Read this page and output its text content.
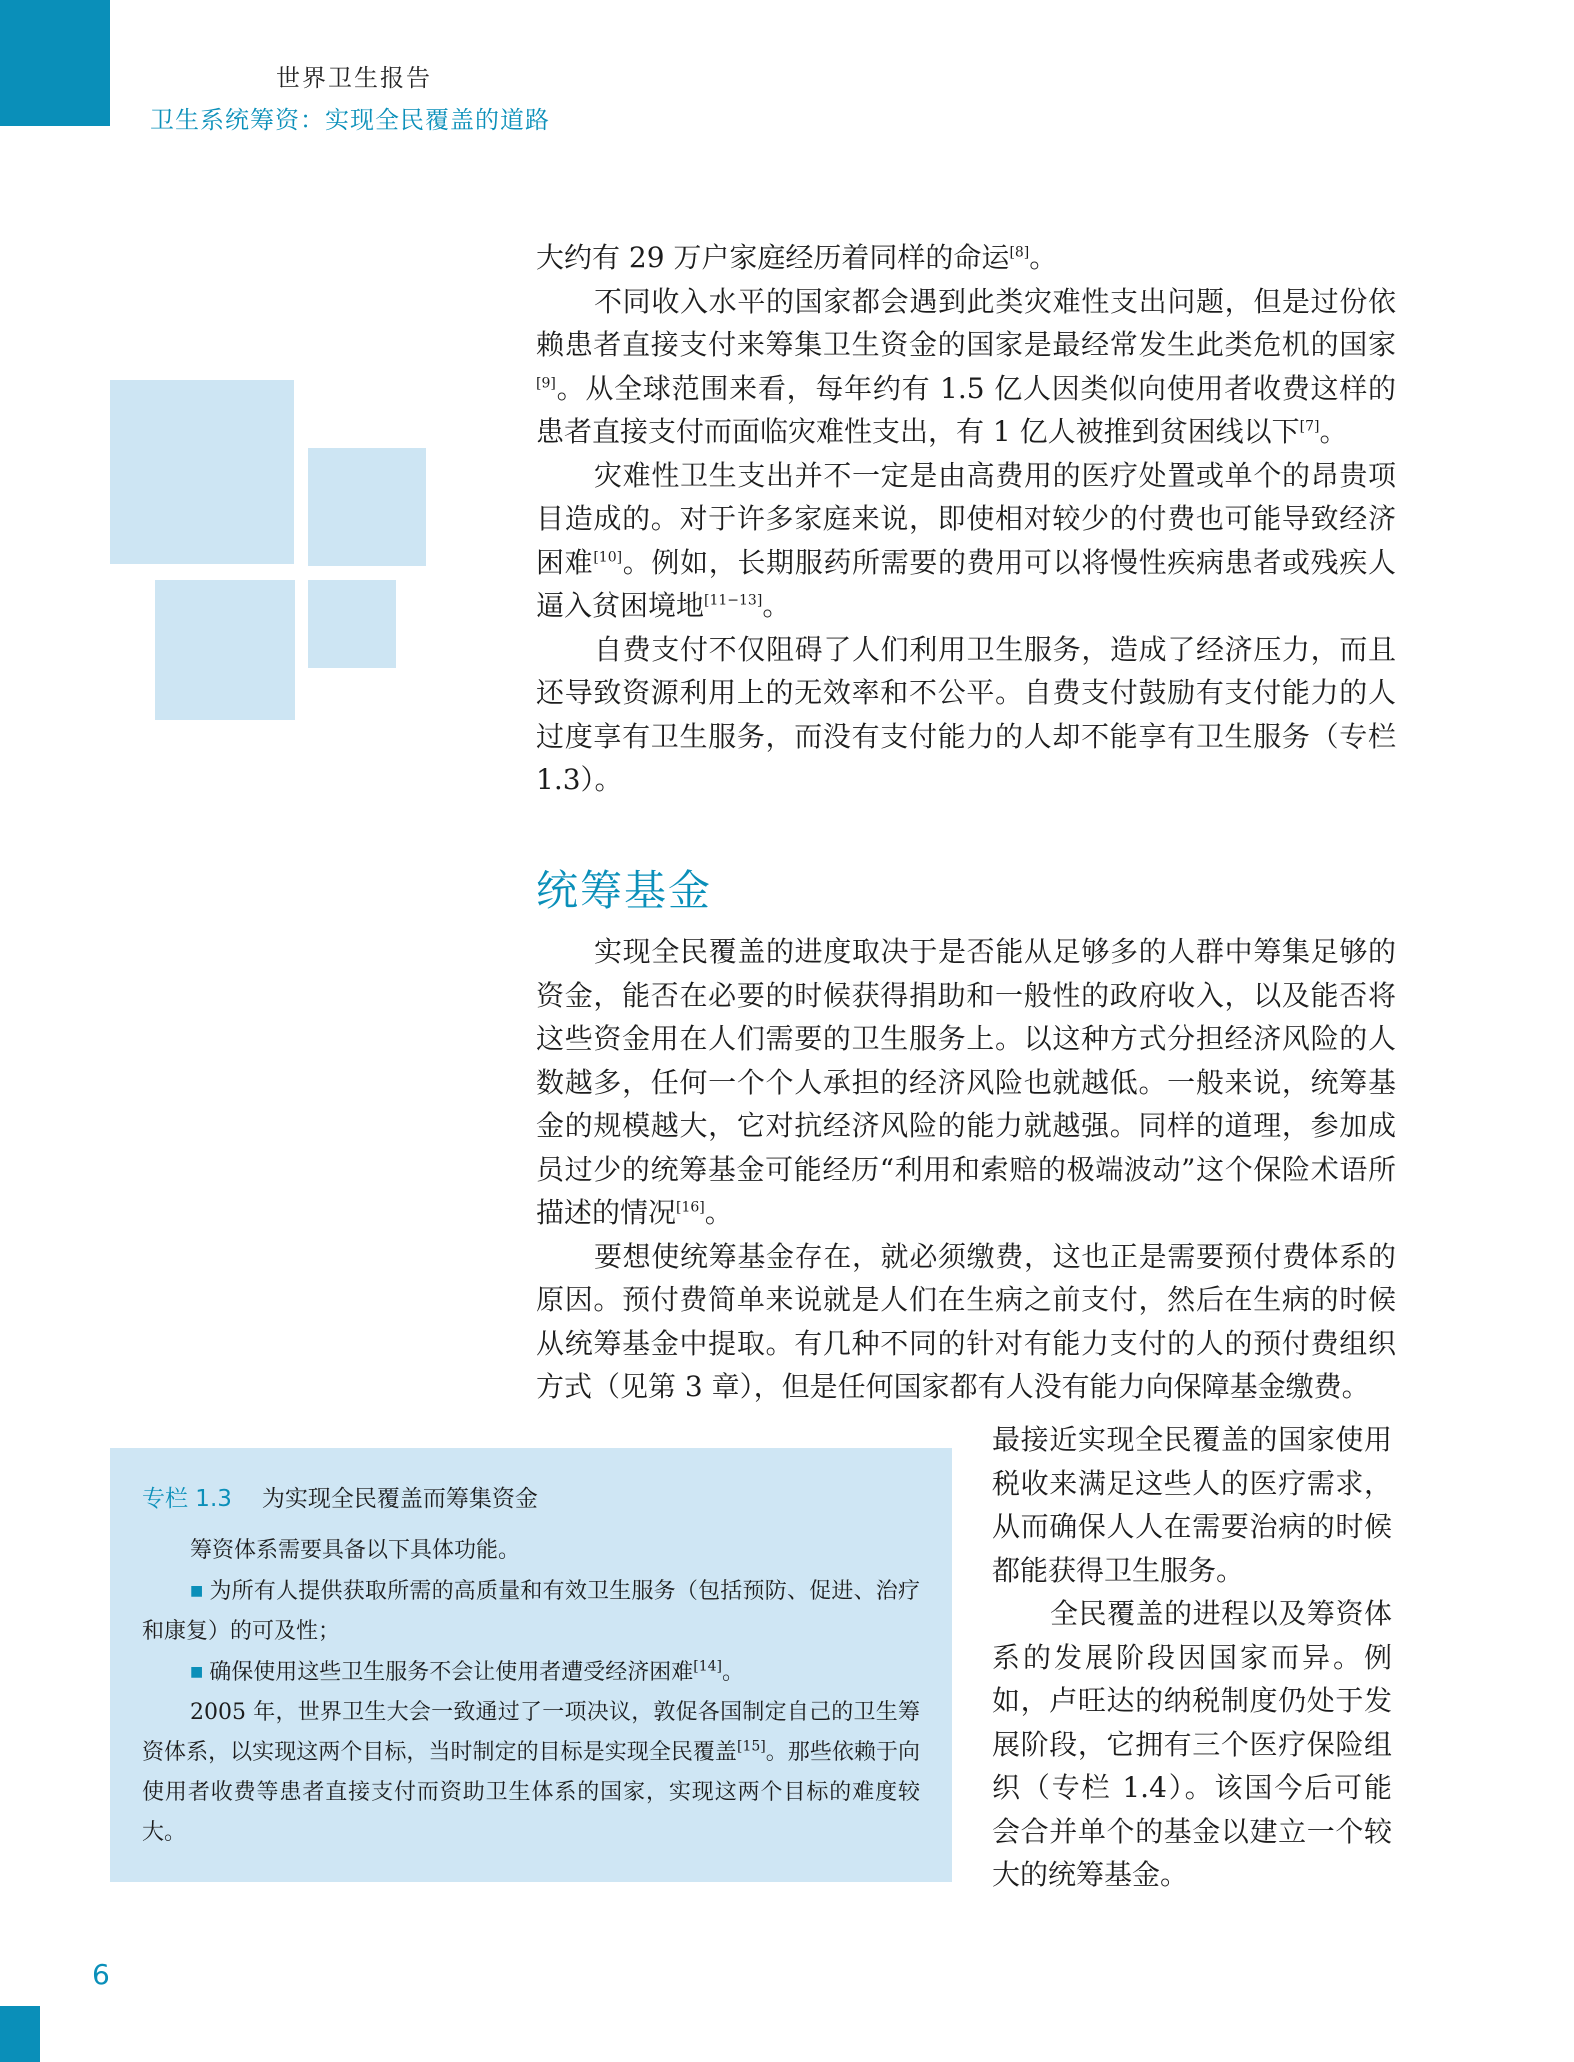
世界卫生报告
卫生系统筹资：实现全民覆盖的道路

大约有 29 万户家庭经历着同样的命运[8]。

不同收入水平的国家都会遇到此类灾难性支出问题，但是过份依赖患者直接支付来筹集卫生资金的国家是最经常发生此类危机的国家[9]。从全球范围来看，每年约有 1.5 亿人因类似向使用者收费这样的患者直接支付而面临灾难性支出，有 1 亿人被推到贫困线以下[7]。

灾难性卫生支出并不一定是由高费用的医疗处置或单个的昂贵项目造成的。对于许多家庭来说，即使相对较少的付费也可能导致经济困难[10]。例如，长期服药所需要的费用可以将慢性疾病患者或残疾人逼入贫困境地[11−13]。

自费支付不仅阻碍了人们利用卫生服务，造成了经济压力，而且还导致资源利用上的无效率和不公平。自费支付鼓励有支付能力的人过度享有卫生服务，而没有支付能力的人却不能享有卫生服务（专栏 1.3）。

统筹基金

实现全民覆盖的进度取决于是否能从足够多的人群中筹集足够的资金，能否在必要的时候获得捐助和一般性的政府收入，以及能否将这些资金用在人们需要的卫生服务上。以这种方式分担经济风险的人数越多，任何一个个人承担的经济风险也就越低。一般来说，统筹基金的规模越大，它对抗经济风险的能力就越强。同样的道理，参加成员过少的统筹基金可能经历“利用和索赔的极端波动”这个保险术语所描述的情况[16]。

要想使统筹基金存在，就必须缴费，这也正是需要预付费体系的原因。预付费简单来说就是人们在生病之前支付，然后在生病的时候从统筹基金中提取。有几种不同的针对有能力支付的人的预付费组织方式（见第 3 章），但是任何国家都有人没有能力向保障基金缴费。

专栏 1.3 为实现全民覆盖而筹集资金

筹资体系需要具备以下具体功能。

■ 为所有人提供获取所需的高质量和有效卫生服务（包括预防、促进、治疗和康复）的可及性；

■ 确保使用这些卫生服务不会让使用者遭受经济困难[14]。

2005 年，世界卫生大会一致通过了一项决议，敦促各国制定自己的卫生筹资体系，以实现这两个目标，当时制定的目标是实现全民覆盖[15]。那些依赖于向使用者收费等患者直接支付而资助卫生体系的国家，实现这两个目标的难度较大。

最接近实现全民覆盖的国家使用税收来满足这些人的医疗需求，从而确保人人在需要治病的时候都能获得卫生服务。

全民覆盖的进程以及筹资体系的发展阶段因国家而异。例如，卢旺达的纳税制度仍处于发展阶段，它拥有三个医疗保险组织（专栏 1.4）。该国今后可能会合并单个的基金以建立一个较大的统筹基金。

6
